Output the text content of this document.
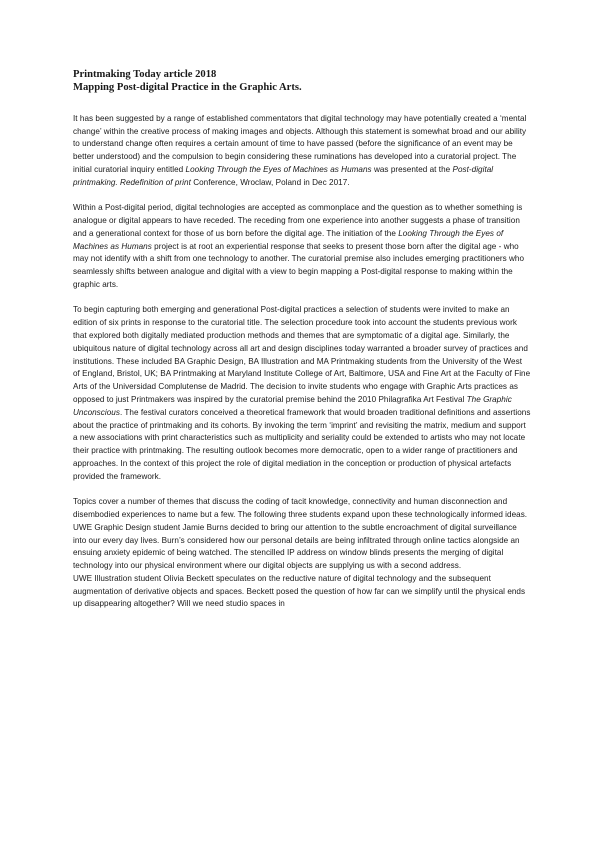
Printmaking Today article 2018
Mapping Post-digital Practice in the Graphic Arts.

It has been suggested by a range of established commentators that digital technology may have potentially created a ‘mental change’ within the creative process of making images and objects. Although this statement is somewhat broad and our ability to understand change often requires a certain amount of time to have passed (before the significance of an event may be better understood) and the compulsion to begin considering these ruminations has developed into a curatorial project. The initial curatorial inquiry entitled Looking Through the Eyes of Machines as Humans was presented at the Post-digital printmaking. Redefinition of print Conference, Wroclaw, Poland in Dec 2017.

Within a Post-digital period, digital technologies are accepted as commonplace and the question as to whether something is analogue or digital appears to have receded. The receding from one experience into another suggests a phase of transition and a generational context for those of us born before the digital age. The initiation of the Looking Through the Eyes of Machines as Humans project is at root an experiential response that seeks to present those born after the digital age - who may not identify with a shift from one technology to another. The curatorial premise also includes emerging practitioners who seamlessly shifts between analogue and digital with a view to begin mapping a Post-digital response to making within the graphic arts.

To begin capturing both emerging and generational Post-digital practices a selection of students were invited to make an edition of six prints in response to the curatorial title. The selection procedure took into account the students previous work that explored both digitally mediated production methods and themes that are symptomatic of a digital age. Similarly, the ubiquitous nature of digital technology across all art and design disciplines today warranted a broader survey of practices and institutions. These included BA Graphic Design, BA Illustration and MA Printmaking students from the University of the West of England, Bristol, UK; BA Printmaking at Maryland Institute College of Art, Baltimore, USA and Fine Art at the Faculty of Fine Arts of the Universidad Complutense de Madrid. The decision to invite students who engage with Graphic Arts practices as opposed to just Printmakers was inspired by the curatorial premise behind the 2010 Philagrafika Art Festival The Graphic Unconscious. The festival curators conceived a theoretical framework that would broaden traditional definitions and assertions about the practice of printmaking and its cohorts. By invoking the term ‘imprint’ and revisiting the matrix, medium and support a new associations with print characteristics such as multiplicity and seriality could be extended to artists who may not locate their practice with printmaking. The resulting outlook becomes more democratic, open to a wider range of practitioners and approaches. In the context of this project the role of digital mediation in the conception or production of physical artefacts provided the framework.

Topics cover a number of themes that discuss the coding of tacit knowledge, connectivity and human disconnection and disembodied experiences to name but a few. The following three students expand upon these technologically informed ideas.

UWE Graphic Design student Jamie Burns decided to bring our attention to the subtle encroachment of digital surveillance into our every day lives. Burn’s considered how our personal details are being infiltrated through online tactics alongside an ensuing anxiety epidemic of being watched. The stencilled IP address on window blinds presents the merging of digital technology into our physical environment where our digital objects are supplying us with a second address.

UWE Illustration student Olivia Beckett speculates on the reductive nature of digital technology and the subsequent augmentation of derivative objects and spaces. Beckett posed the question of how far can we simplify until the physical ends up disappearing altogether? Will we need studio spaces in
